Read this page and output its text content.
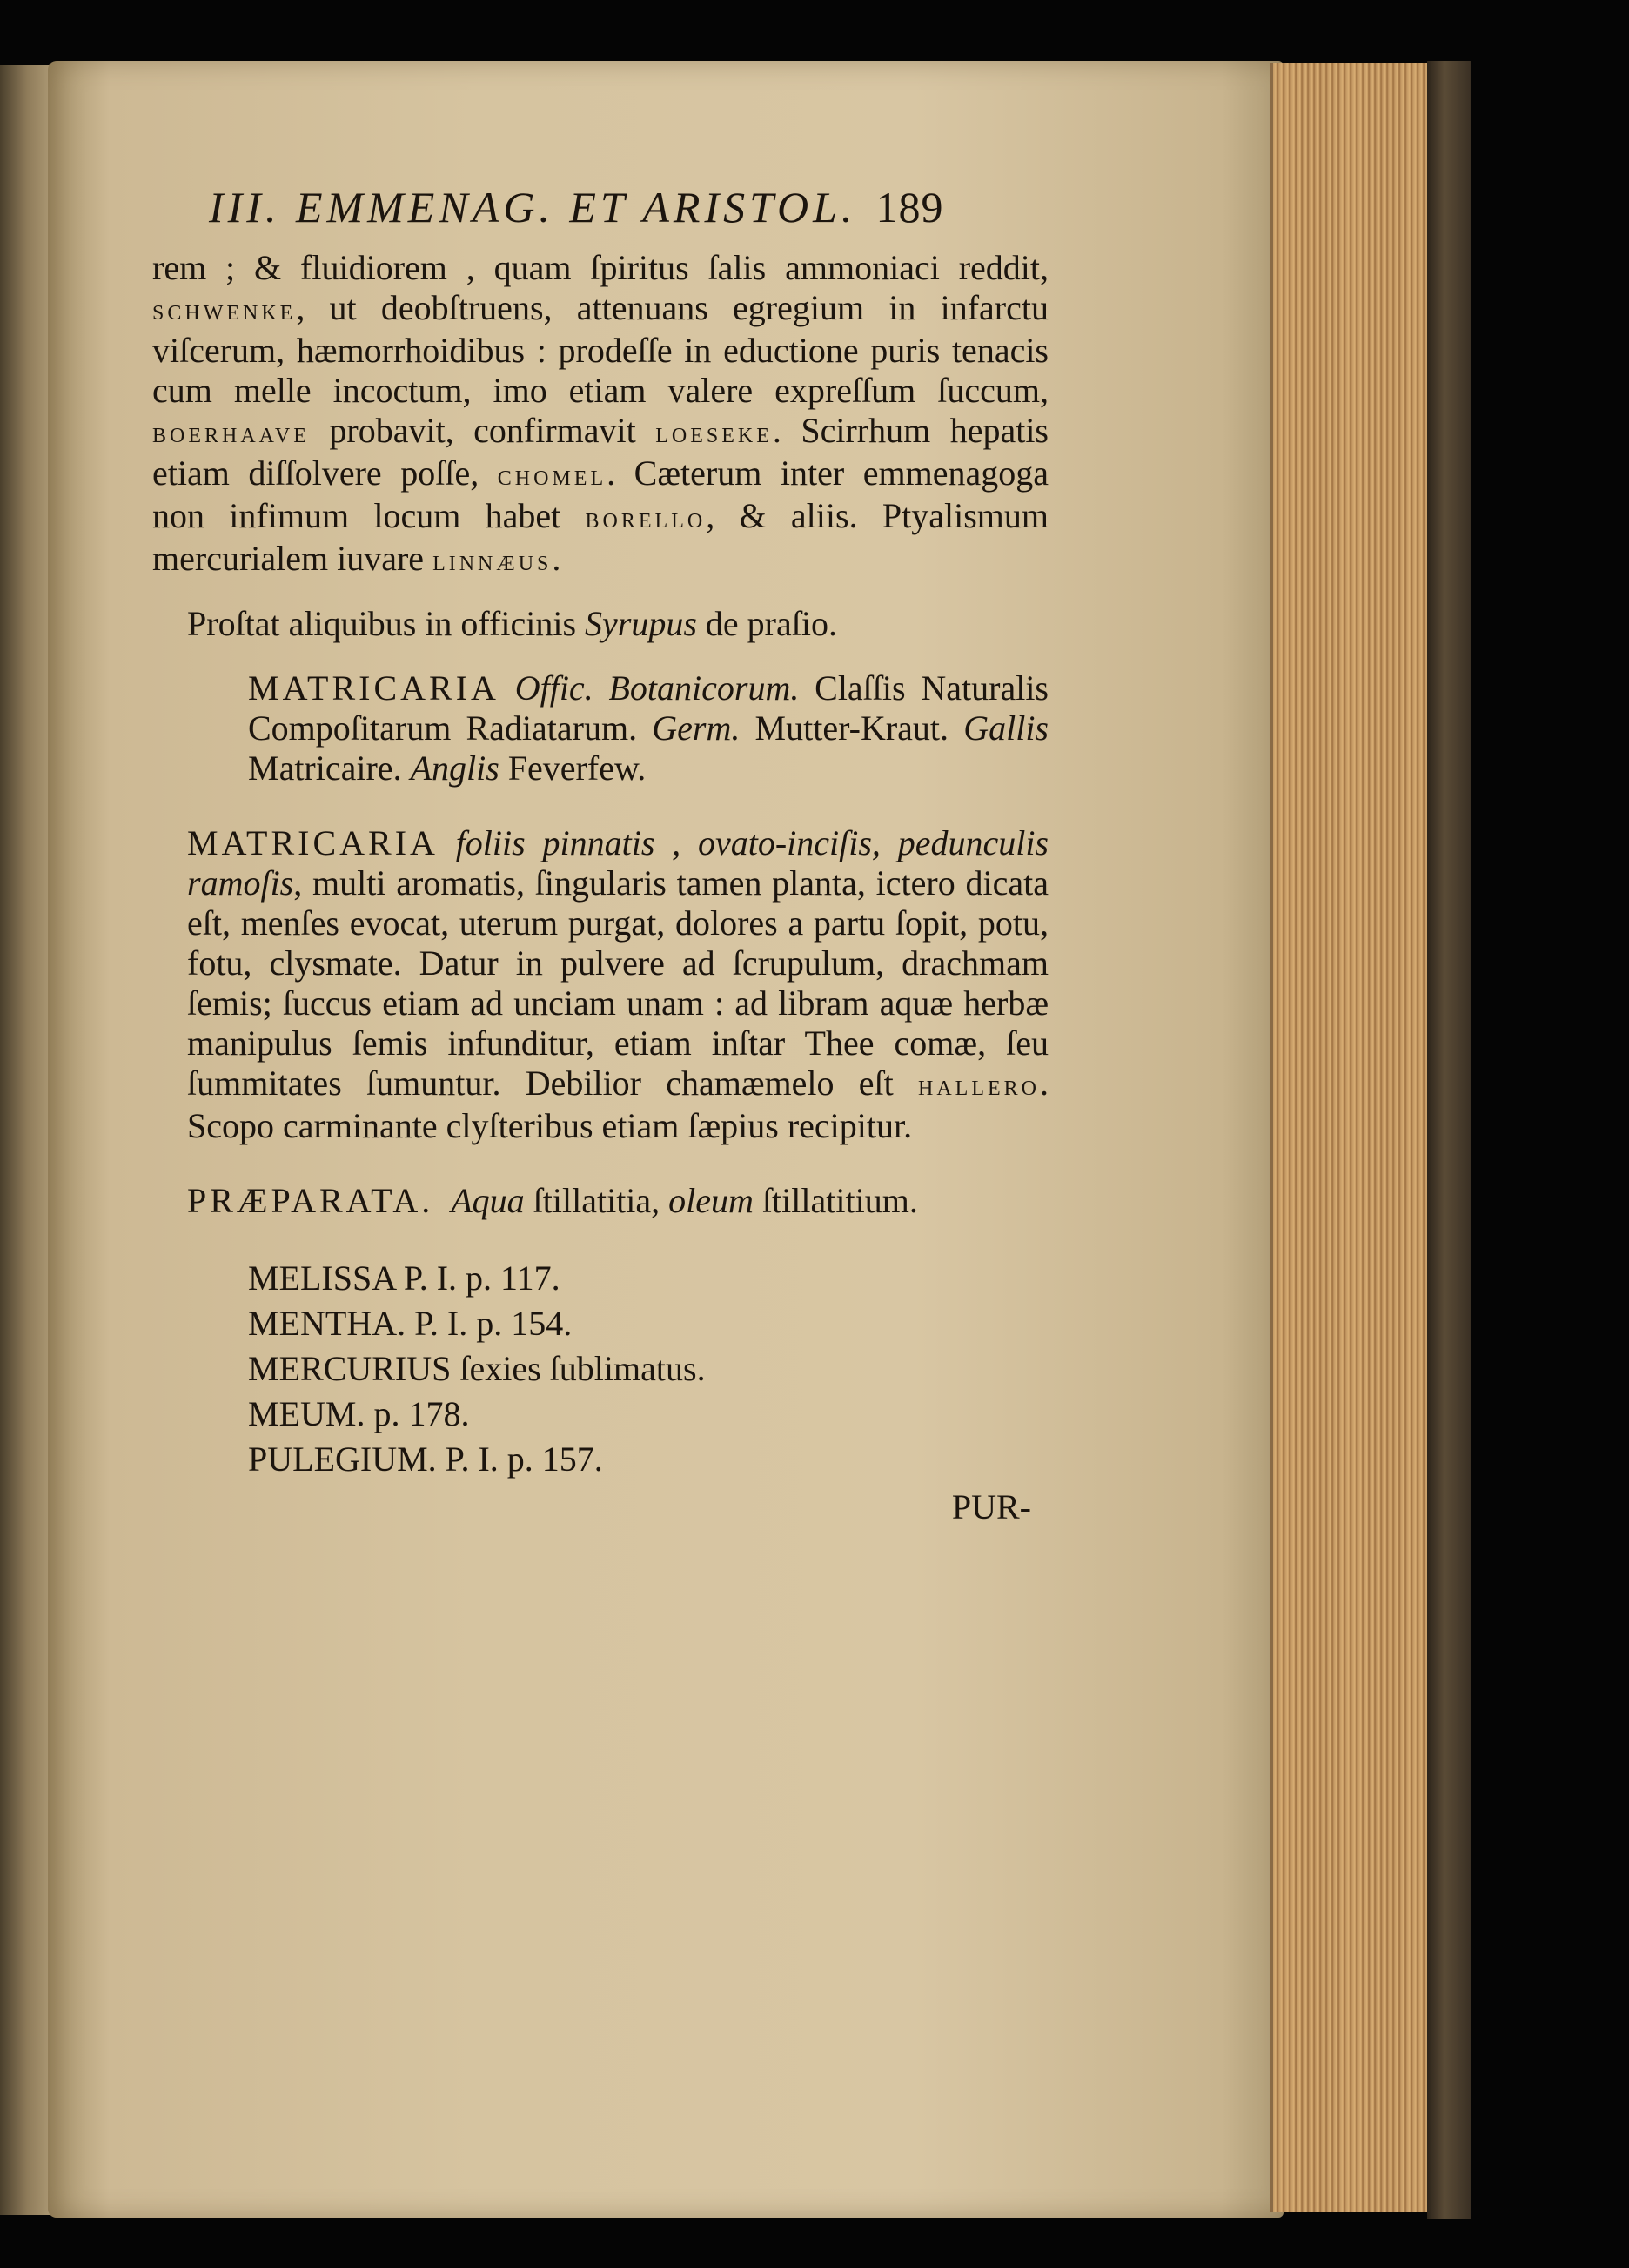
III. EMMENAG. ET ARISTOL. 189

rem ; & fluidiorem , quam ſpiritus ſalis ammoniaci reddit, schwenke, ut deobſtruens, attenuans egregium in infarctu viſcerum, hæmorrhoidibus : prodeſſe in eductione puris tenacis cum melle incoctum, imo etiam valere expreſſum ſuccum, boerhaave probavit, confirmavit loeseke. Scirrhum hepatis etiam diſſolvere poſſe, chomel. Cæterum inter emmenagoga non infimum locum habet borello, & aliis. Ptyalismum mercurialem iuvare linnæus.

Proſtat aliquibus in officinis Syrupus de praſio.

MATRICARIA Offic. Botanicorum. Claſſis Naturalis Compoſitarum Radiatarum. Germ. Mutter-Kraut. Gallis Matricaire. Anglis Feverfew.

MATRICARIA foliis pinnatis , ovato-inciſis, pedunculis ramoſis, multi aromatis, ſingularis tamen planta, ictero dicata eſt, menſes evocat, uterum purgat, dolores a partu ſopit, potu, fotu, clysmate. Datur in pulvere ad ſcrupulum, drachmam ſemis; ſuccus etiam ad unciam unam : ad libram aquæ herbæ manipulus ſemis infunditur, etiam inſtar Thee comæ, ſeu ſummitates ſumuntur. Debilior chamæmelo eſt hallero. Scopo carminante clyſteribus etiam ſæpius recipitur.

PRÆPARATA. Aqua ſtillatitia, oleum ſtillatitium.

MELISSA P. I. p. 117.
MENTHA. P. I. p. 154.
MERCURIUS ſexies ſublimatus.
MEUM. p. 178.
PULEGIUM. P. I. p. 157.
PUR-
